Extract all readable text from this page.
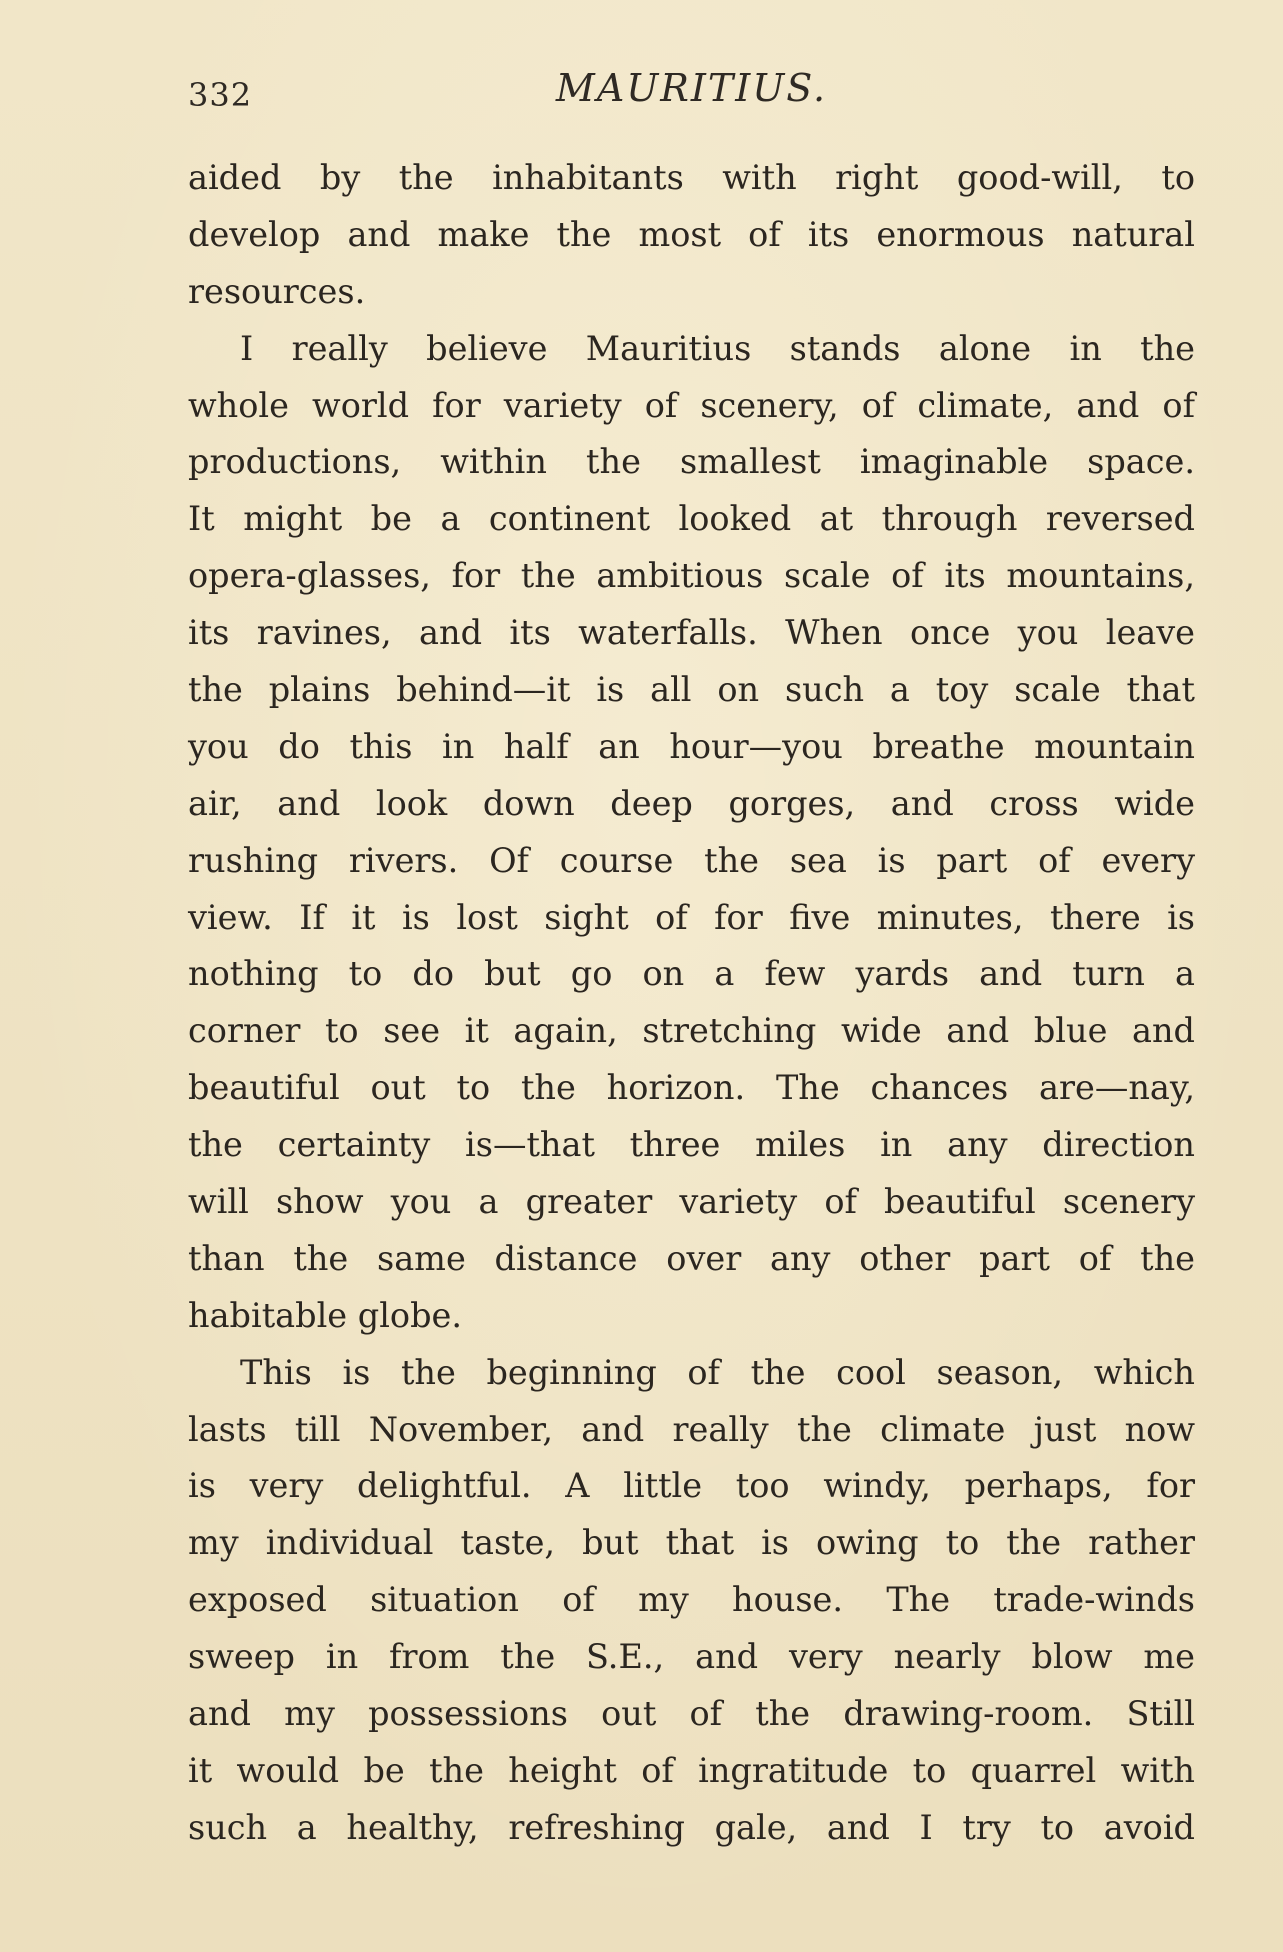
332	MAURITIUS.
aided by the inhabitants with right good-will, to
develop and make the most of its enormous natural
resources.
I really believe Mauritius stands alone in the
whole world for variety of scenery, of climate, and of
productions, within the smallest imaginable space.
It might be a continent looked at through reversed
opera-glasses, for the ambitious scale of its mountains,
its ravines, and its waterfalls. When once you leave
the plains behind—it is all on such a toy scale that
you do this in half an hour—you breathe mountain
air, and look down deep gorges, and cross wide
rushing rivers. Of course the sea is part of every
view. If it is lost sight of for five minutes, there is
nothing to do but go on a few yards and turn a
corner to see it again, stretching wide and blue and
beautiful out to the horizon. The chances are—nay,
the certainty is—that three miles in any direction
will show you a greater variety of beautiful scenery
than the same distance over any other part of the
habitable globe.
This is the beginning of the cool season, which
lasts till November, and really the climate just now
is very delightful. A little too windy, perhaps, for
my individual taste, but that is owing to the rather
exposed situation of my house. The trade-winds
sweep in from the S.E., and very nearly blow me
and my possessions out of the drawing-room. Still
it would be the height of ingratitude to quarrel with
such a healthy, refreshing gale, and I try to avoid
